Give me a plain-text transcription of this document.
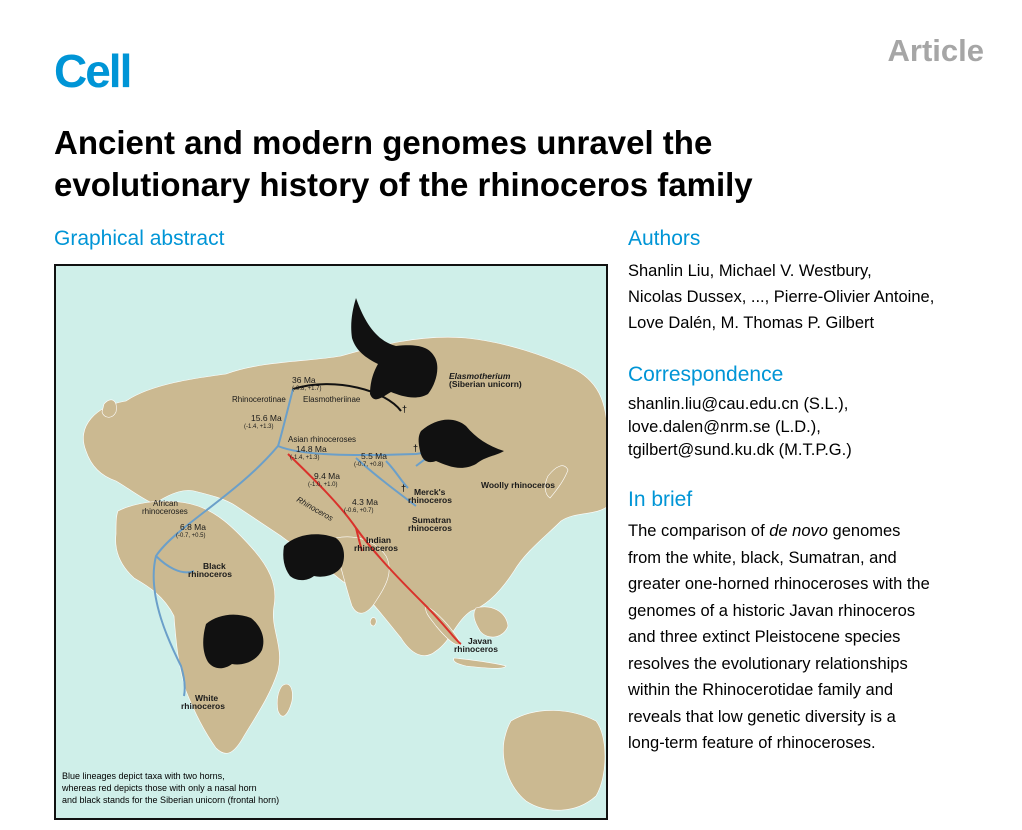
Cell	Article
Ancient and modern genomes unravel the
evolutionary history of the rhinoceros family
Graphical abstract
Rhinocerotinae Elasmotheriinae
Asian rhinoceroses
African
rhinoceroses	Rhinoceros
36 Ma
(-0.8, +1.7)
15.6 Ma
(-1.4, +1.3)
14.8 Ma
(-1.4, +1.3)	5.5 Ma
(-0.7, +0.8)
9.4 Ma
(-1.0, +1.0)
4.3 Ma
(-0.6, +0.7)
6.8 Ma
(-0.7, +0.5)
Elasmotherium
(Siberian unicorn)
†
Woolly rhinoceros
†
Merck's
rhinoceros
†
Sumatran
rhinoceros
Indian
rhinoceros
Javan
rhinoceros
Black
rhinoceros
White
rhinoceros
Blue lineages depict taxa with two horns,
whereas red depicts those with only a nasal horn
and black stands for the Siberian unicorn (frontal horn)
Authors
Shanlin Liu, Michael V. Westbury,
Nicolas Dussex, ..., Pierre-Olivier Antoine,
Love Dalén, M. Thomas P. Gilbert
Correspondence
shanlin.liu@cau.edu.cn (S.L.),
love.dalen@nrm.se (L.D.),
tgilbert@sund.ku.dk (M.T.P.G.)
In brief
The comparison of de novo genomes
from the white, black, Sumatran, and
greater one-horned rhinoceroses with the
genomes of a historic Javan rhinoceros
and three extinct Pleistocene species
resolves the evolutionary relationships
within the Rhinocerotidae family and
reveals that low genetic diversity is a
long-term feature of rhinoceroses.
